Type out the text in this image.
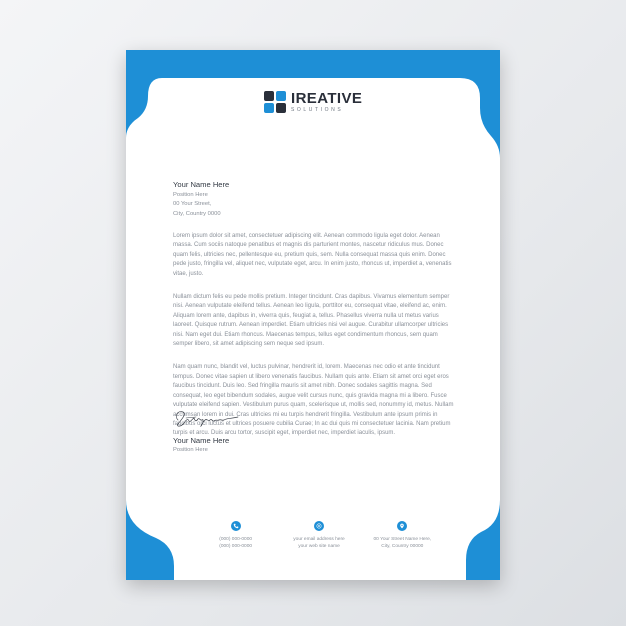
IREATIVE
SOLUTIONS
Your Name Here
Position Here
00 Your Street,
City, Country 0000

Lorem ipsum dolor sit amet, consectetuer adipiscing elit. Aenean commodo ligula eget dolor. Aenean massa. Cum sociis natoque penatibus et magnis dis parturient montes, nascetur ridiculus mus. Donec quam felis, ultricies nec, pellentesque eu, pretium quis, sem. Nulla consequat massa quis enim. Donec pede justo, fringilla vel, aliquet nec, vulputate eget, arcu. In enim justo, rhoncus ut, imperdiet a, venenatis vitae, justo.

Nullam dictum felis eu pede mollis pretium. Integer tincidunt. Cras dapibus. Vivamus elementum semper nisi. Aenean vulputate eleifend tellus. Aenean leo ligula, porttitor eu, consequat vitae, eleifend ac, enim. Aliquam lorem ante, dapibus in, viverra quis, feugiat a, tellus. Phasellus viverra nulla ut metus varius laoreet. Quisque rutrum. Aenean imperdiet. Etiam ultricies nisi vel augue. Curabitur ullamcorper ultricies nisi. Nam eget dui. Etiam rhoncus. Maecenas tempus, tellus eget condimentum rhoncus, sem quam semper libero, sit amet adipiscing sem neque sed ipsum.

Nam quam nunc, blandit vel, luctus pulvinar, hendrerit id, lorem. Maecenas nec odio et ante tincidunt tempus. Donec vitae sapien ut libero venenatis faucibus. Nullam quis ante. Etiam sit amet orci eget eros faucibus tincidunt. Duis leo. Sed fringilla mauris sit amet nibh. Donec sodales sagittis magna. Sed consequat, leo eget bibendum sodales, augue velit cursus nunc, quis gravida magna mi a libero. Fusce vulputate eleifend sapien. Vestibulum purus quam, scelerisque ut, mollis sed, nonummy id, metus. Nullam accumsan lorem in dui. Cras ultricies mi eu turpis hendrerit fringilla. Vestibulum ante ipsum primis in faucibus orci luctus et ultrices posuere cubilia Curae; In ac dui quis mi consectetuer lacinia. Nam pretium turpis et arcu. Duis arcu tortor, suscipit eget, imperdiet nec, imperdiet iaculis, ipsum.

Your Name Here
Position Here
(000) 000-0000
(000) 000-0000
your email address here
your web site name
00 Your Street Name Here,
City, Country 00000
